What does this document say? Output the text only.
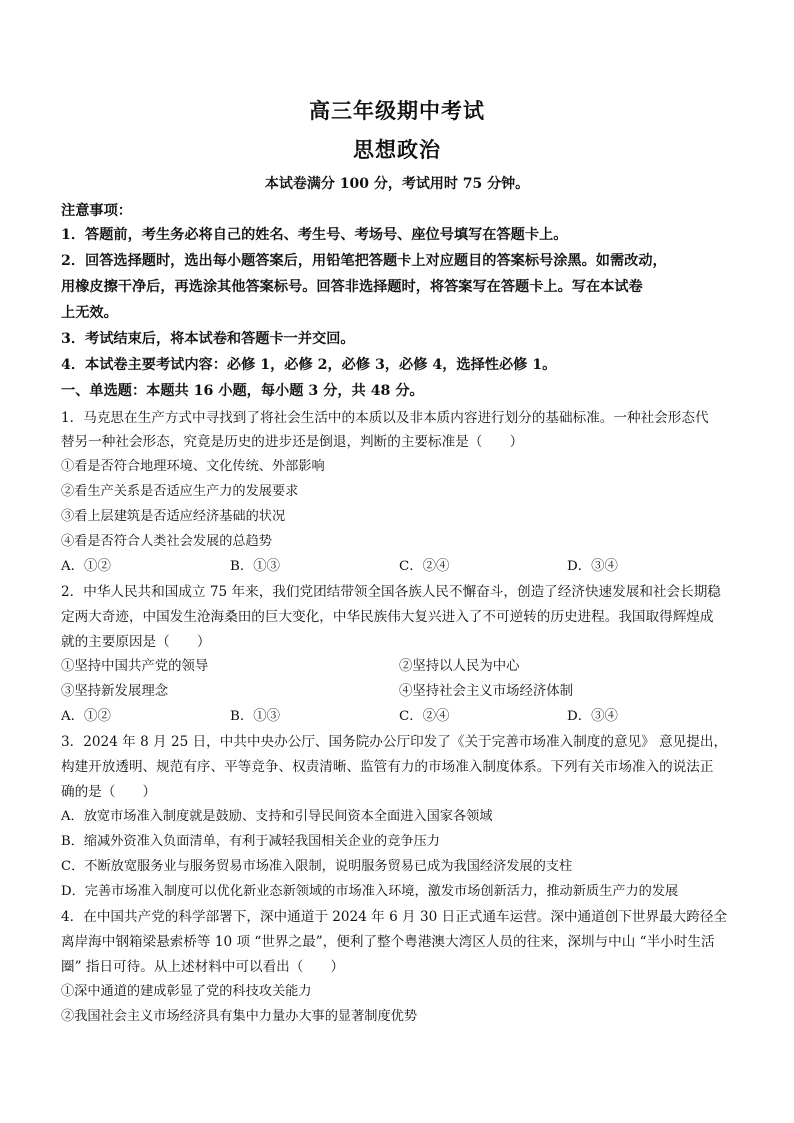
高三年级期中考试
思想政治
本试卷满分 100 分，考试用时 75 分钟。
注意事项：
1．答题前，考生务必将自己的姓名、考生号、考场号、座位号填写在答题卡上。
2．回答选择题时，选出每小题答案后，用铅笔把答题卡上对应题目的答案标号涂黑。如需改动，
用橡皮擦干净后，再选涂其他答案标号。回答非选择题时，将答案写在答题卡上。写在本试卷
上无效。
3．考试结束后，将本试卷和答题卡一并交回。
4．本试卷主要考试内容：必修 1，必修 2，必修 3，必修 4，选择性必修 1。
一、单选题：本题共 16 小题，每小题 3 分，共 48 分。
1．马克思在生产方式中寻找到了将社会生活中的本质以及非本质内容进行划分的基础标准。一种社会形态代
替另一种社会形态，究竟是历史的进步还是倒退，判断的主要标准是（　　）
①看是否符合地理环境、文化传统、外部影响
②看生产关系是否适应生产力的发展要求
③看上层建筑是否适应经济基础的状况
④看是否符合人类社会发展的总趋势
A．①②	B．①③	C．②④	D．③④
2．中华人民共和国成立 75 年来，我们党团结带领全国各族人民不懈奋斗，创造了经济快速发展和社会长期稳
定两大奇迹，中国发生沧海桑田的巨大变化，中华民族伟大复兴进入了不可逆转的历史进程。我国取得辉煌成
就的主要原因是（　　）
①坚持中国共产党的领导	②坚持以人民为中心
③坚持新发展理念	④坚持社会主义市场经济体制
A．①②	B．①③	C．②④	D．③④
3．2024 年 8 月 25 日，中共中央办公厅、国务院办公厅印发了《关于完善市场准入制度的意见》 意见提出，
构建开放透明、规范有序、平等竞争、权责清晰、监管有力的市场准入制度体系。下列有关市场准入的说法正
确的是（　　）
A．放宽市场准入制度就是鼓励、支持和引导民间资本全面进入国家各领域
B．缩减外资准入负面清单，有利于减轻我国相关企业的竞争压力
C．不断放宽服务业与服务贸易市场准入限制，说明服务贸易已成为我国经济发展的支柱
D．完善市场准入制度可以优化新业态新领域的市场准入环境，激发市场创新活力，推动新质生产力的发展
4．在中国共产党的科学部署下，深中通道于 2024 年 6 月 30 日正式通车运营。深中通道创下世界最大跨径全
离岸海中钢箱梁悬索桥等 10 项 “世界之最”，便利了整个粤港澳大湾区人员的往来，深圳与中山 “半小时生活
圈” 指日可待。从上述材料中可以看出（　　）
①深中通道的建成彰显了党的科技攻关能力
②我国社会主义市场经济具有集中力量办大事的显著制度优势
